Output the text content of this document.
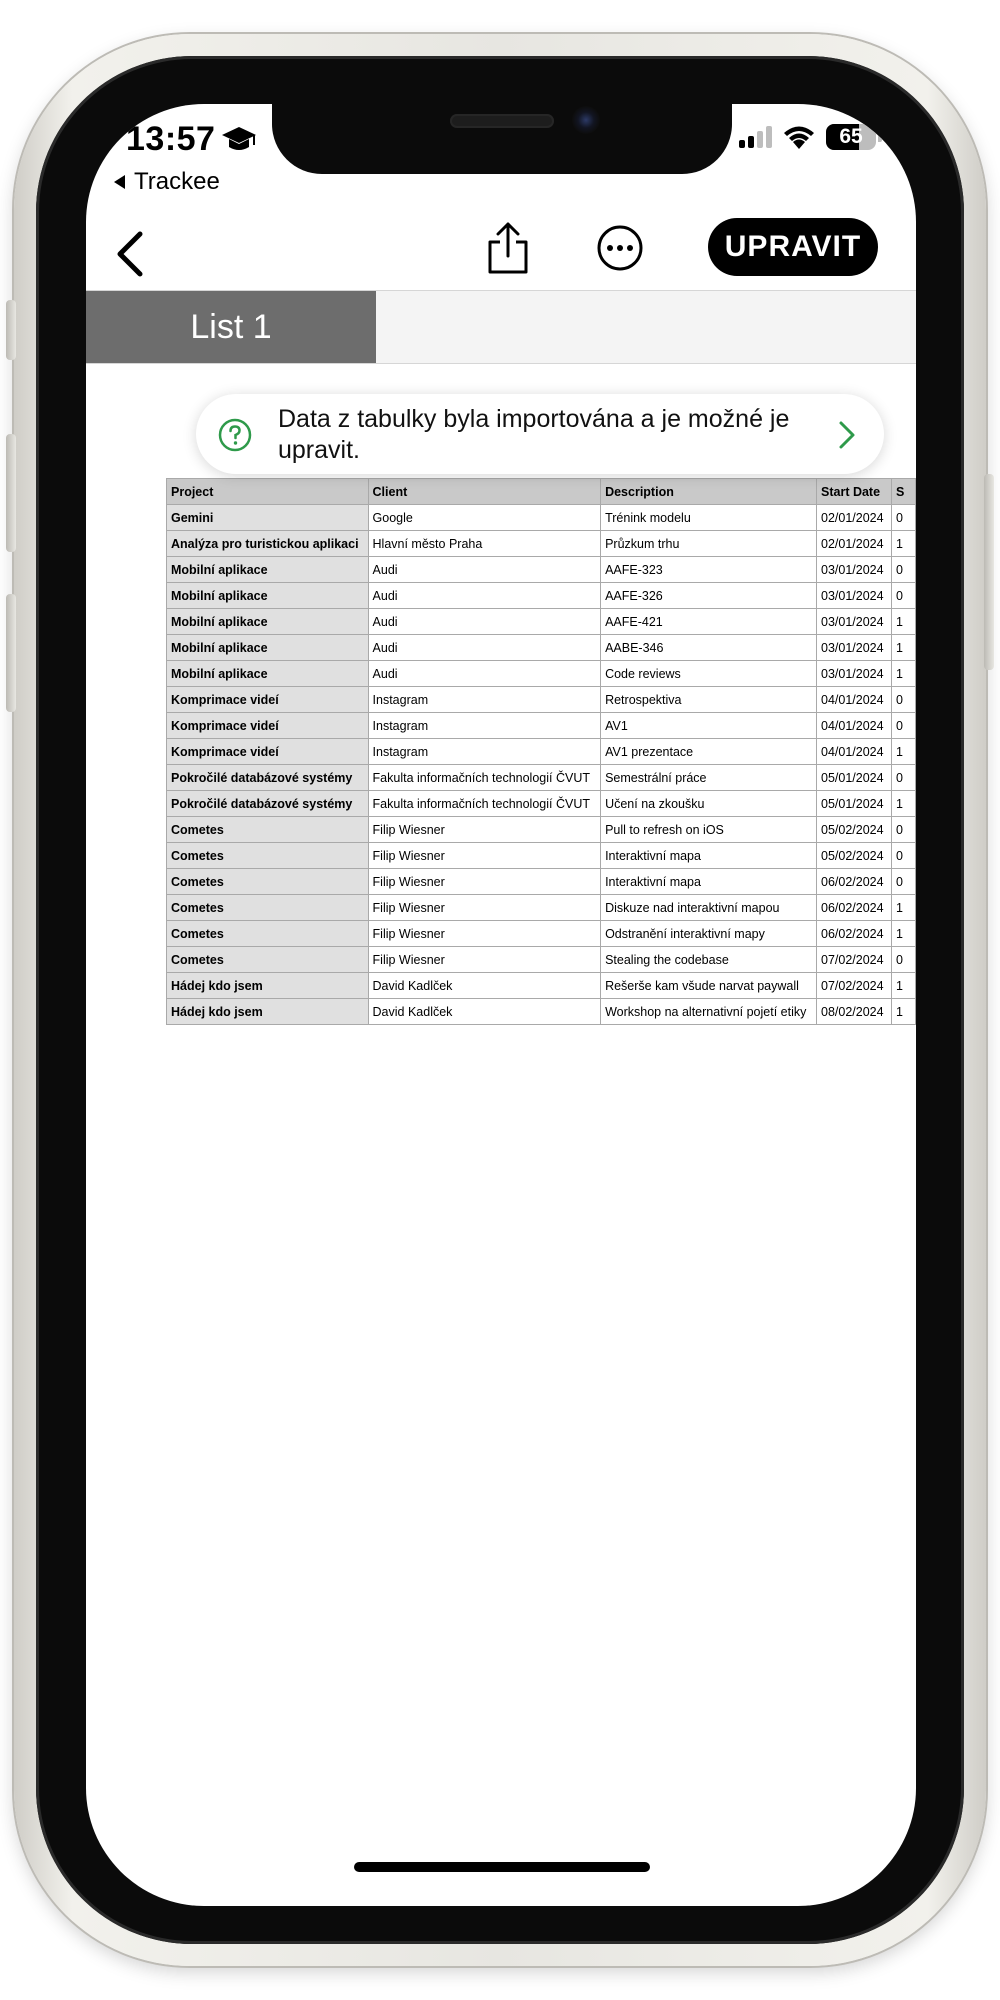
13:57
Trackee
65
UPRAVIT
List 1
Data z tabulky byla importována a je možné je upravit.
Project	Client	Description	Start Date	S
Gemini	Google	Trénink modelu	02/01/2024	0
Analýza pro turistickou aplikaci	Hlavní město Praha	Průzkum trhu	02/01/2024	1
Mobilní aplikace	Audi	AAFE-323	03/01/2024	0
Mobilní aplikace	Audi	AAFE-326	03/01/2024	0
Mobilní aplikace	Audi	AAFE-421	03/01/2024	1
Mobilní aplikace	Audi	AABE-346	03/01/2024	1
Mobilní aplikace	Audi	Code reviews	03/01/2024	1
Komprimace videí	Instagram	Retrospektiva	04/01/2024	0
Komprimace videí	Instagram	AV1	04/01/2024	0
Komprimace videí	Instagram	AV1 prezentace	04/01/2024	1
Pokročilé databázové systémy	Fakulta informačních technologií ČVUT	Semestrální práce	05/01/2024	0
Pokročilé databázové systémy	Fakulta informačních technologií ČVUT	Učení na zkoušku	05/01/2024	1
Cometes	Filip Wiesner	Pull to refresh on iOS	05/02/2024	0
Cometes	Filip Wiesner	Interaktivní mapa	05/02/2024	0
Cometes	Filip Wiesner	Interaktivní mapa	06/02/2024	0
Cometes	Filip Wiesner	Diskuze nad interaktivní mapou	06/02/2024	1
Cometes	Filip Wiesner	Odstranění interaktivní mapy	06/02/2024	1
Cometes	Filip Wiesner	Stealing the codebase	07/02/2024	0
Hádej kdo jsem	David Kadlček	Rešerše kam všude narvat paywall	07/02/2024	1
Hádej kdo jsem	David Kadlček	Workshop na alternativní pojetí etiky	08/02/2024	1
